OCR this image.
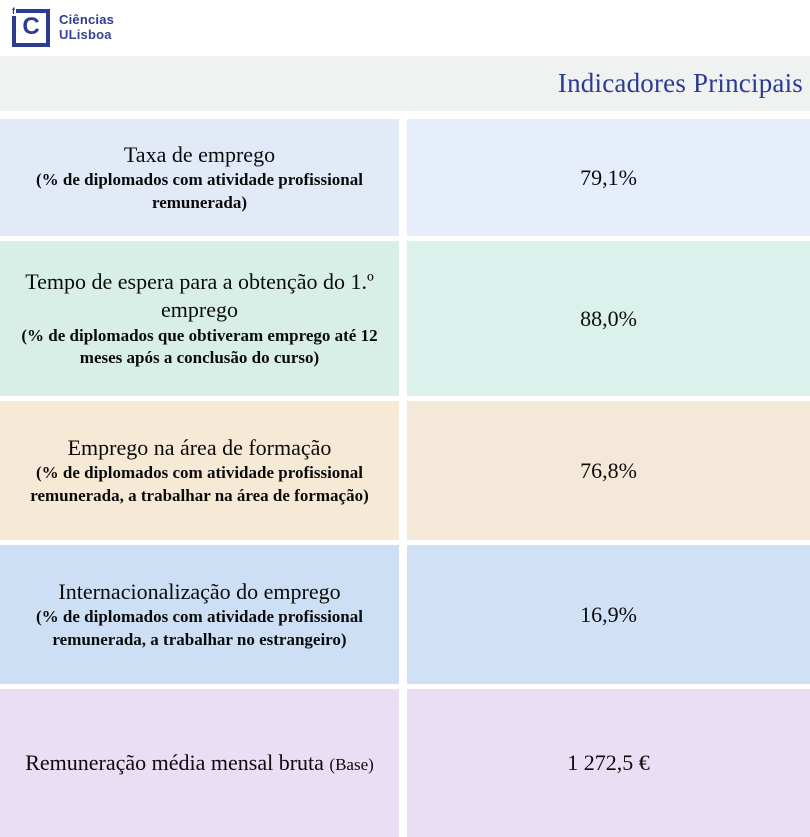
f
C Ciências
ULisboa
Indicadores Principais
Taxa de emprego
(% de diplomados com atividade profissional remunerada)
79,1%
Tempo de espera para a obtenção do 1.º emprego
(% de diplomados que obtiveram emprego até 12 meses após a conclusão do curso)
88,0%
Emprego na área de formação
(% de diplomados com atividade profissional remunerada, a trabalhar na área de formação)
76,8%
Internacionalização do emprego
(% de diplomados com atividade profissional remunerada, a trabalhar no estrangeiro)
16,9%
Remuneração média mensal bruta (Base)	1 272,5 €
